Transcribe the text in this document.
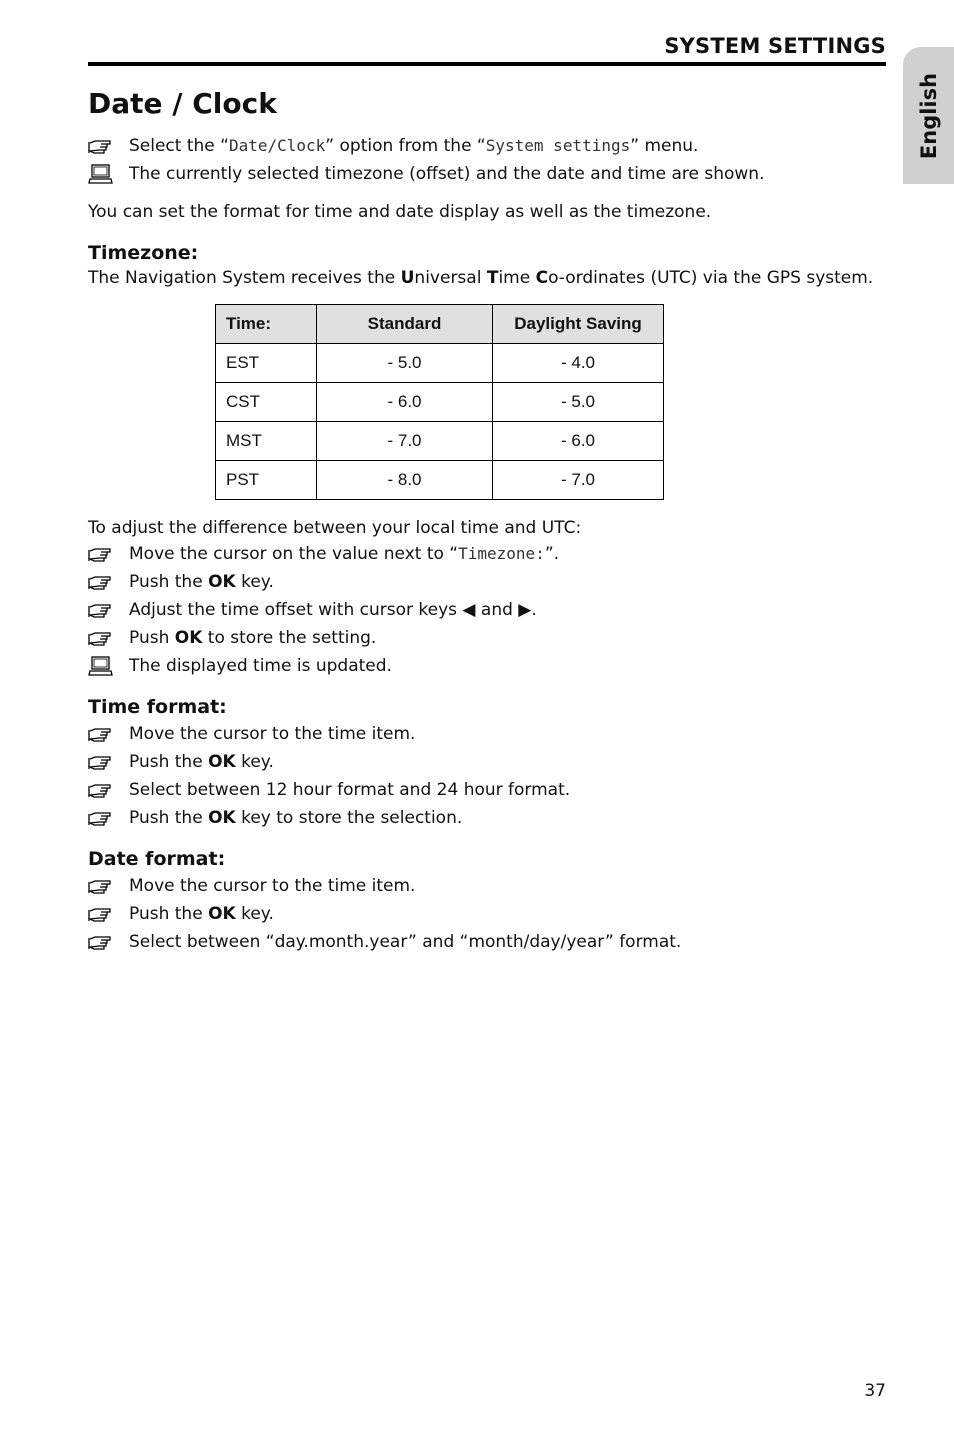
SYSTEM SETTINGS
English
Date / Clock
Select the “Date/Clock” option from the “System settings” menu.
The currently selected timezone (offset) and the date and time are shown.

You can set the format for time and date display as well as the timezone.

Timezone:

The Navigation System receives the Universal Time Co-ordinates (UTC) via the GPS system.

Time:	Standard	Daylight Saving
EST	- 5.0	- 4.0
CST	- 6.0	- 5.0
MST	- 7.0	- 6.0
PST	- 8.0	- 7.0

To adjust the difference between your local time and UTC:

Move the cursor on the value next to “Timezone:”.
Push the OK key.
Adjust the time offset with cursor keys ◀ and ▶.
Push OK to store the setting.
The displayed time is updated.
Time format:
Move the cursor to the time item.
Push the OK key.
Select between 12 hour format and 24 hour format.
Push the OK key to store the selection.
Date format:
Move the cursor to the time item.
Push the OK key.
Select between “day.month.year” and “month/day/year” format.
37
